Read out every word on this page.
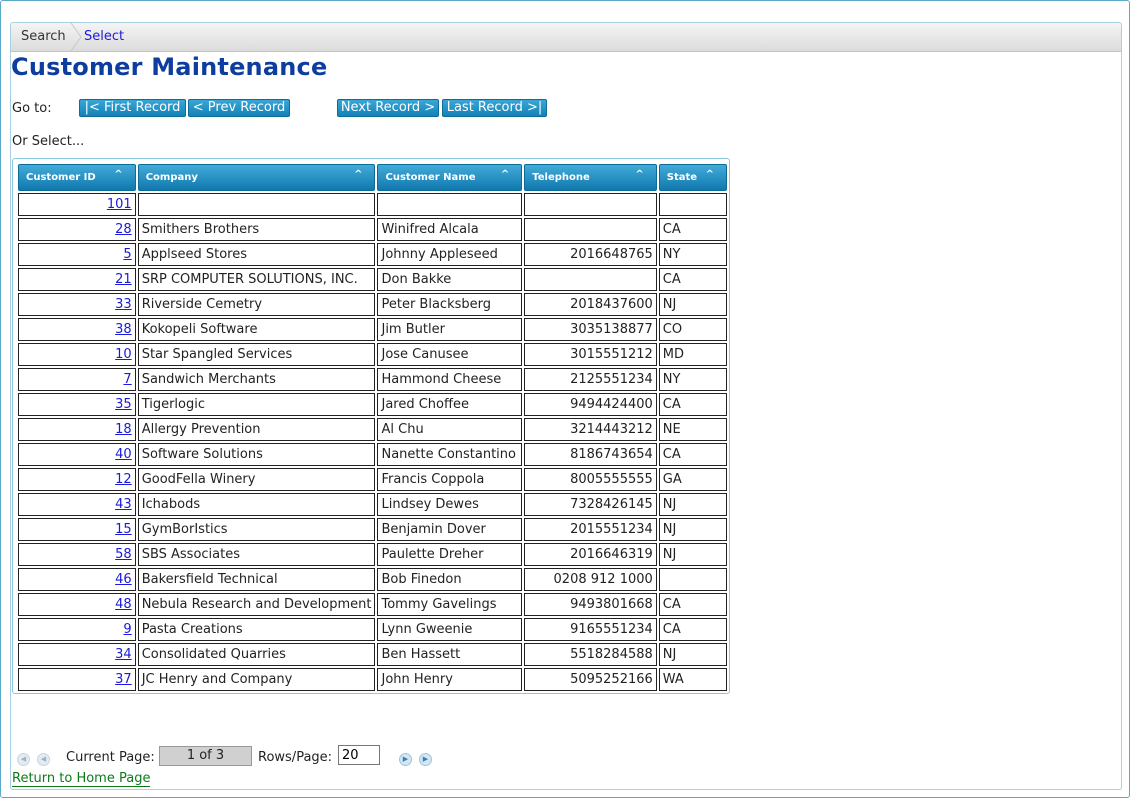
Search Select
Customer Maintenance
Go to:	|< First Record < Prev Record	Next Record > Last Record >|
Or Select...
Customer ID ^	Company ^	Customer Name ^	Telephone ^	State ^

101				
28	Smithers Brothers	Winifred Alcala		CA
5	Applseed Stores	Johnny Appleseed	2016648765	NY
21	SRP COMPUTER SOLUTIONS, INC.	Don Bakke		CA
33	Riverside Cemetry	Peter Blacksberg	2018437600	NJ
38	Kokopeli Software	Jim Butler	3035138877	CO
10	Star Spangled Services	Jose Canusee	3015551212	MD
7	Sandwich Merchants	Hammond Cheese	2125551234	NY
35	Tigerlogic	Jared Choffee	9494424400	CA
18	Allergy Prevention	Al Chu	3214443212	NE
40	Software Solutions	Nanette Constantino	8186743654	CA
12	GoodFella Winery	Francis Coppola	8005555555	GA
43	Ichabods	Lindsey Dewes	7328426145	NJ
15	GymBorIstics	Benjamin Dover	2015551234	NJ
58	SBS Associates	Paulette Dreher	2016646319	NJ
46	Bakersfield Technical	Bob Finedon	0208 912 1000	
48	Nebula Research and Development	Tommy Gavelings	9493801668	CA
9	Pasta Creations	Lynn Gweenie	9165551234	CA
34	Consolidated Quarries	Ben Hassett	5518284588	NJ
37	JC Henry and Company	John Henry	5095252166	WA
◀	◀ Current Page:	1 of 3	Rows/Page:
20	▶	▶
Return to Home Page
